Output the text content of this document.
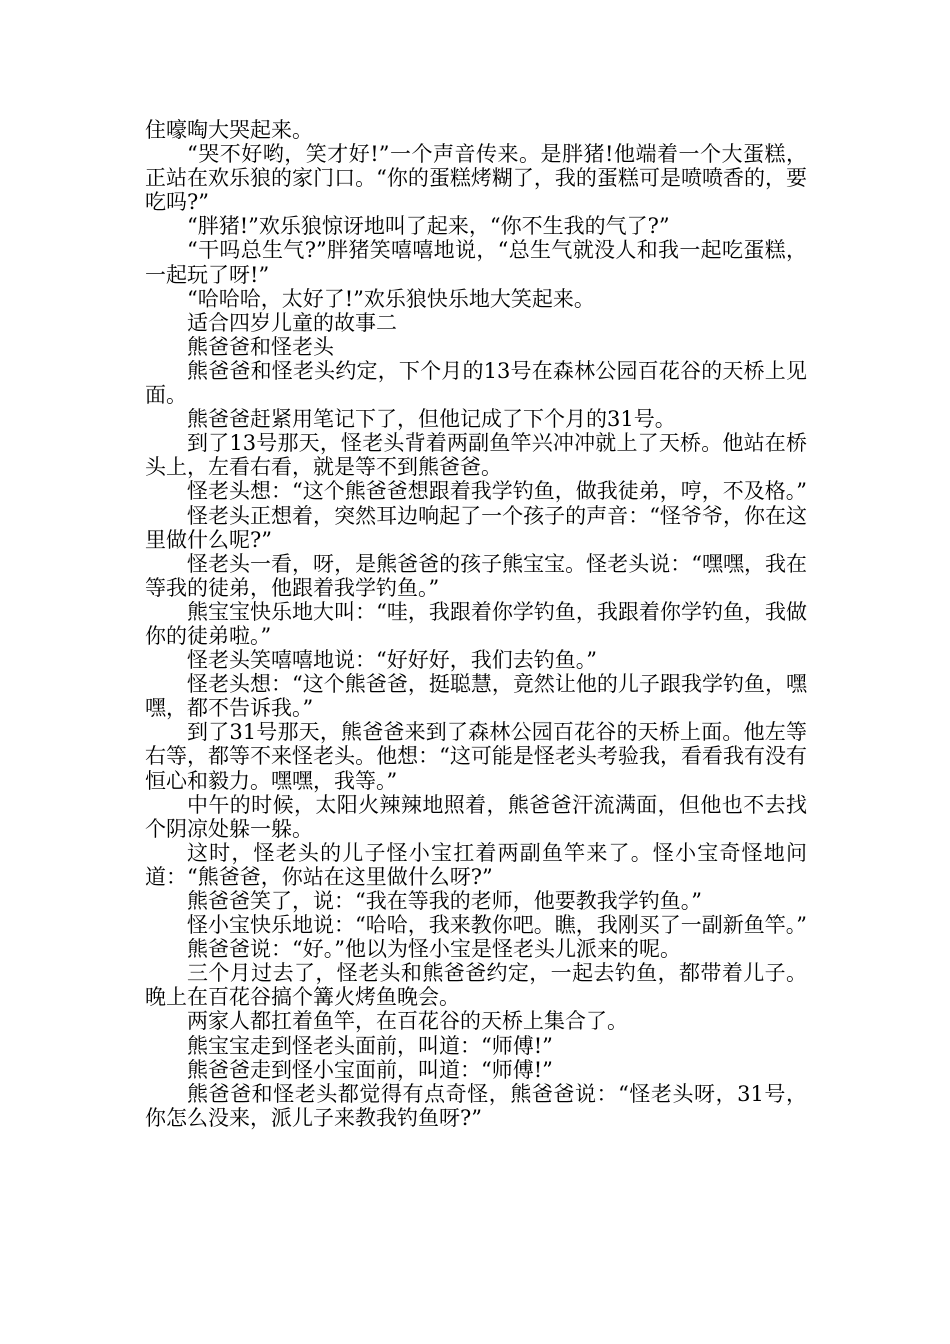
住嚎啕大哭起来。

“哭不好哟，笑才好!”一个声音传来。是胖猪!他端着一个大蛋糕，正站在欢乐狼的家门口。“你的蛋糕烤糊了，我的蛋糕可是喷喷香的，要吃吗?”

“胖猪!”欢乐狼惊讶地叫了起来，“你不生我的气了?”

“干吗总生气?”胖猪笑嘻嘻地说，“总生气就没人和我一起吃蛋糕，一起玩了呀!”

“哈哈哈，太好了!”欢乐狼快乐地大笑起来。

适合四岁儿童的故事二

熊爸爸和怪老头

熊爸爸和怪老头约定，下个月的13号在森林公园百花谷的天桥上见面。

熊爸爸赶紧用笔记下了，但他记成了下个月的31号。

到了13号那天，怪老头背着两副鱼竿兴冲冲就上了天桥。他站在桥头上，左看右看，就是等不到熊爸爸。

怪老头想：“这个熊爸爸想跟着我学钓鱼，做我徒弟，哼，不及格。”

怪老头正想着，突然耳边响起了一个孩子的声音：“怪爷爷，你在这里做什么呢?”

怪老头一看，呀，是熊爸爸的孩子熊宝宝。怪老头说：“嘿嘿，我在等我的徒弟，他跟着我学钓鱼。”

熊宝宝快乐地大叫：“哇，我跟着你学钓鱼，我跟着你学钓鱼，我做你的徒弟啦。”

怪老头笑嘻嘻地说：“好好好，我们去钓鱼。”

怪老头想：“这个熊爸爸，挺聪慧，竟然让他的儿子跟我学钓鱼，嘿嘿，都不告诉我。”

到了31号那天，熊爸爸来到了森林公园百花谷的天桥上面。他左等右等，都等不来怪老头。他想：“这可能是怪老头考验我，看看我有没有恒心和毅力。嘿嘿，我等。”

中午的时候，太阳火辣辣地照着，熊爸爸汗流满面，但他也不去找个阴凉处躲一躲。

这时，怪老头的儿子怪小宝扛着两副鱼竿来了。怪小宝奇怪地问道：“熊爸爸，你站在这里做什么呀?”

熊爸爸笑了，说：“我在等我的老师，他要教我学钓鱼。”

怪小宝快乐地说：“哈哈，我来教你吧。瞧，我刚买了一副新鱼竿。”

熊爸爸说：“好。”他以为怪小宝是怪老头儿派来的呢。

三个月过去了，怪老头和熊爸爸约定，一起去钓鱼，都带着儿子。晚上在百花谷搞个篝火烤鱼晚会。

两家人都扛着鱼竿，在百花谷的天桥上集合了。

熊宝宝走到怪老头面前，叫道：“师傅!”

熊爸爸走到怪小宝面前，叫道：“师傅!”

熊爸爸和怪老头都觉得有点奇怪，熊爸爸说：“怪老头呀，31号，你怎么没来，派儿子来教我钓鱼呀?”
